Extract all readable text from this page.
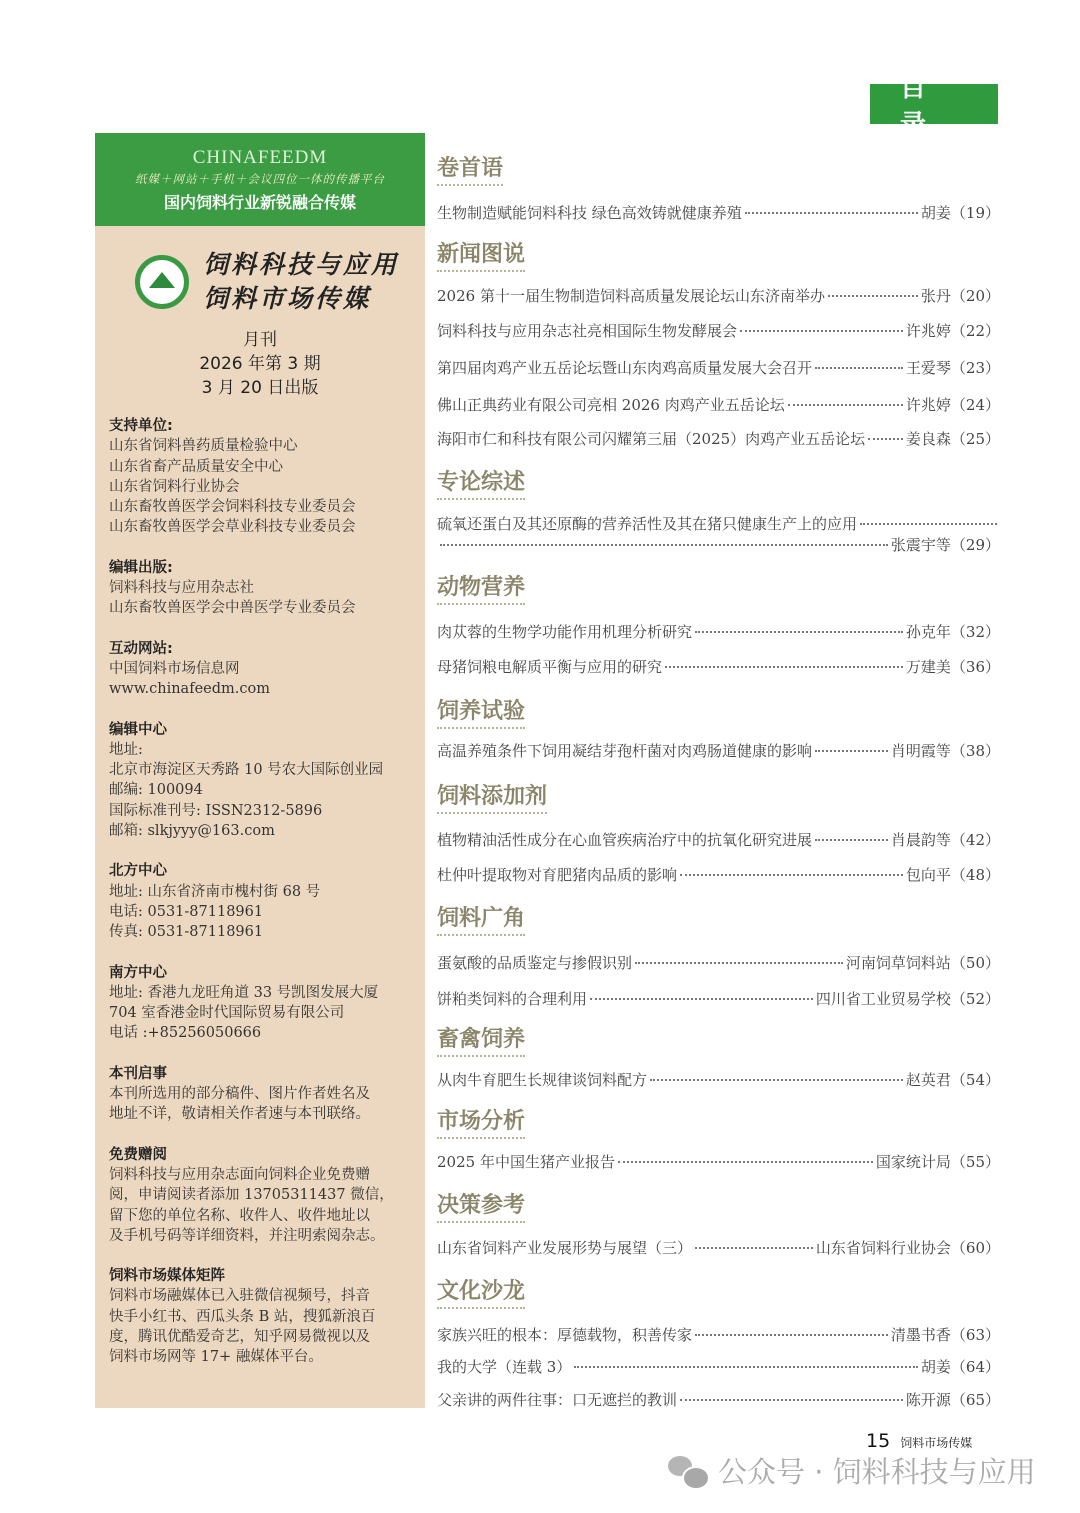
目 录
CHINAFEEDM
纸媒＋网站＋手机＋会议四位一体的传播平台
国内饲料行业新锐融合传媒
饲料科技与应用
饲料市场传媒
月刊
2026 年第 3 期
3 月 20 日出版
支持单位:
山东省饲料兽药质量检验中心
山东省畜产品质量安全中心
山东省饲料行业协会
山东畜牧兽医学会饲料科技专业委员会
山东畜牧兽医学会草业科技专业委员会
编辑出版:
饲料科技与应用杂志社
山东畜牧兽医学会中兽医学专业委员会
互动网站:
中国饲料市场信息网
www.chinafeedm.com
编辑中心
地址:
北京市海淀区天秀路 10 号农大国际创业园
邮编: 100094
国际标准刊号: ISSN2312-5896
邮箱: slkjyyy@163.com
北方中心
地址: 山东省济南市槐村街 68 号
电话: 0531-87118961
传真: 0531-87118961
南方中心
地址: 香港九龙旺角道 33 号凯图发展大厦
704 室香港金时代国际贸易有限公司
电话 :+85256050666
本刊启事
本刊所选用的部分稿件、图片作者姓名及
地址不详，敬请相关作者速与本刊联络。
免费赠阅
饲料科技与应用杂志面向饲料企业免费赠
阅，申请阅读者添加 13705311437 微信，
留下您的单位名称、收件人、收件地址以
及手机号码等详细资料，并注明索阅杂志。
饲料市场媒体矩阵
饲料市场融媒体已入驻微信视频号，抖音
快手小红书、西瓜头条 B 站，搜狐新浪百
度，腾讯优酷爱奇艺，知乎网易微视以及
饲料市场网等 17+ 融媒体平台。
卷首语
生物制造赋能饲料科技 绿色高效铸就健康养殖	胡姜 （19）
新闻图说
2026 第十一届生物制造饲料高质量发展论坛山东济南举办	张丹 （20）
饲料科技与应用杂志社亮相国际生物发酵展会	许兆婷 （22）
第四届肉鸡产业五岳论坛暨山东肉鸡高质量发展大会召开	王爱琴 （23）
佛山正典药业有限公司亮相 2026 肉鸡产业五岳论坛	许兆婷 （24）
海阳市仁和科技有限公司闪耀第三届（2025）肉鸡产业五岳论坛	姜良森 （25）
专论综述
硫氧还蛋白及其还原酶的营养活性及其在猪只健康生产上的应用
张震宇等 （29）
动物营养
肉苁蓉的生物学功能作用机理分析研究	孙克年 （32）
母猪饲粮电解质平衡与应用的研究	万建美 （36）
饲养试验
高温养殖条件下饲用凝结芽孢杆菌对肉鸡肠道健康的影响	肖明霞等 （38）
饲料添加剂
植物精油活性成分在心血管疾病治疗中的抗氧化研究进展	肖晨韵等 （42）
杜仲叶提取物对育肥猪肉品质的影响	包向平 （48）
饲料广角
蛋氨酸的品质鉴定与掺假识别	河南饲草饲料站 （50）
饼粕类饲料的合理利用	四川省工业贸易学校 （52）
畜禽饲养
从肉牛育肥生长规律谈饲料配方	赵英君 （54）
市场分析
2025 年中国生猪产业报告	国家统计局 （55）
决策参考
山东省饲料产业发展形势与展望（三）	山东省饲料行业协会 （60）
文化沙龙
家族兴旺的根本：厚德载物，积善传家	清墨书香 （63）
我的大学（连载 3）	胡姜 （64）
父亲讲的两件往事：口无遮拦的教训	陈开源 （65）
15 饲料市场传媒
公众号 · 饲料科技与应用
